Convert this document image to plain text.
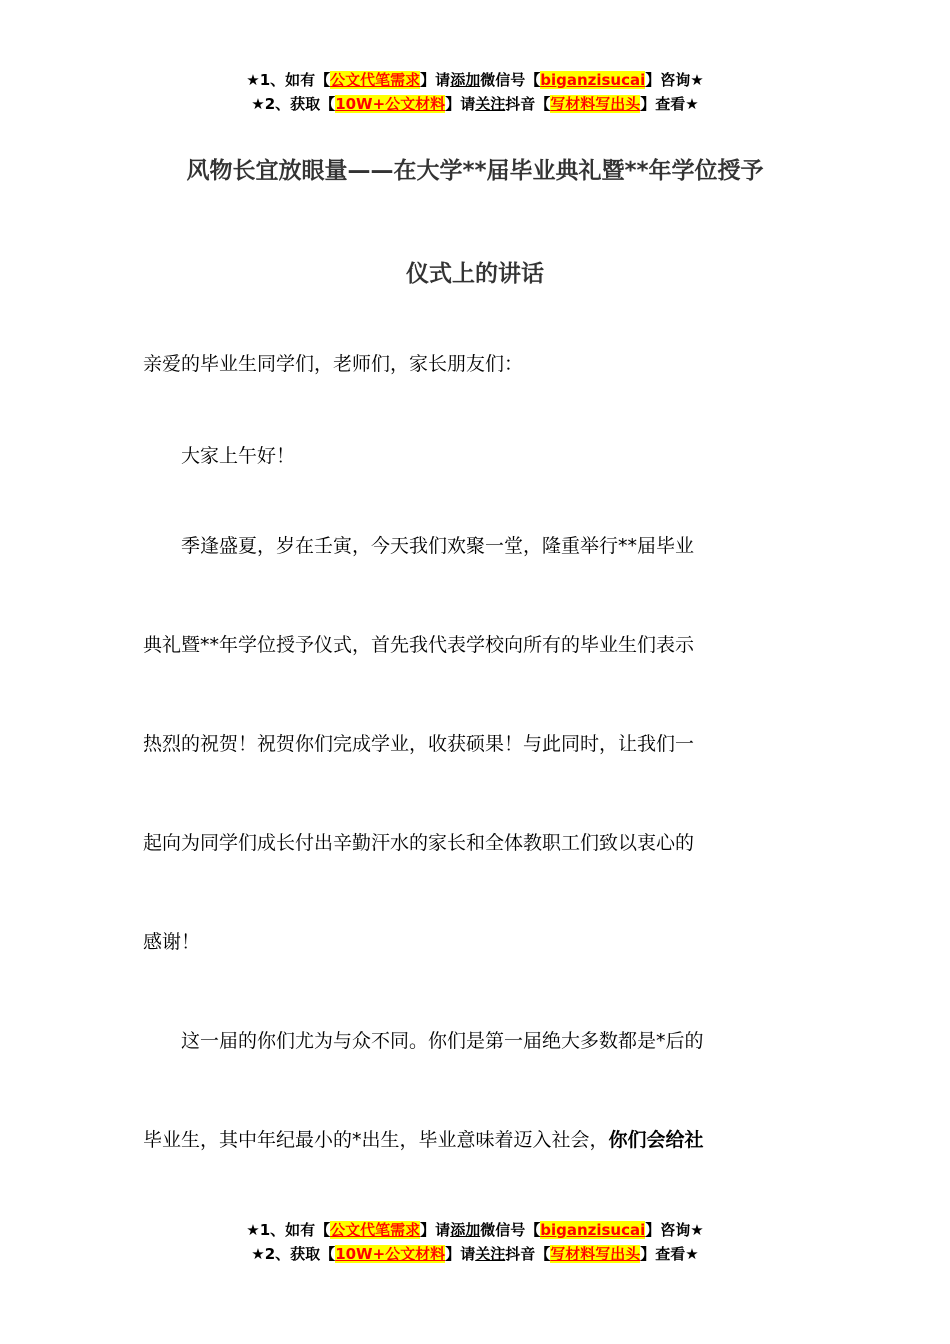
★1、如有【公文代笔需求】请添加微信号【biganzisucai】咨询★
★2、获取【10W+公文材料】请关注抖音【写材料写出头】查看★
风物长宜放眼量——在大学**届毕业典礼暨**年学位授予
仪式上的讲话
亲爱的毕业生同学们，老师们，家长朋友们：
大家上午好！
季逢盛夏，岁在壬寅，今天我们欢聚一堂，隆重举行**届毕业
典礼暨**年学位授予仪式，首先我代表学校向所有的毕业生们表示
热烈的祝贺！祝贺你们完成学业，收获硕果！与此同时，让我们一
起向为同学们成长付出辛勤汗水的家长和全体教职工们致以衷心的
感谢！
这一届的你们尤为与众不同。你们是第一届绝大多数都是*后的
毕业生，其中年纪最小的*出生，毕业意味着迈入社会，你们会给社
★1、如有【公文代笔需求】请添加微信号【biganzisucai】咨询★
★2、获取【10W+公文材料】请关注抖音【写材料写出头】查看★
